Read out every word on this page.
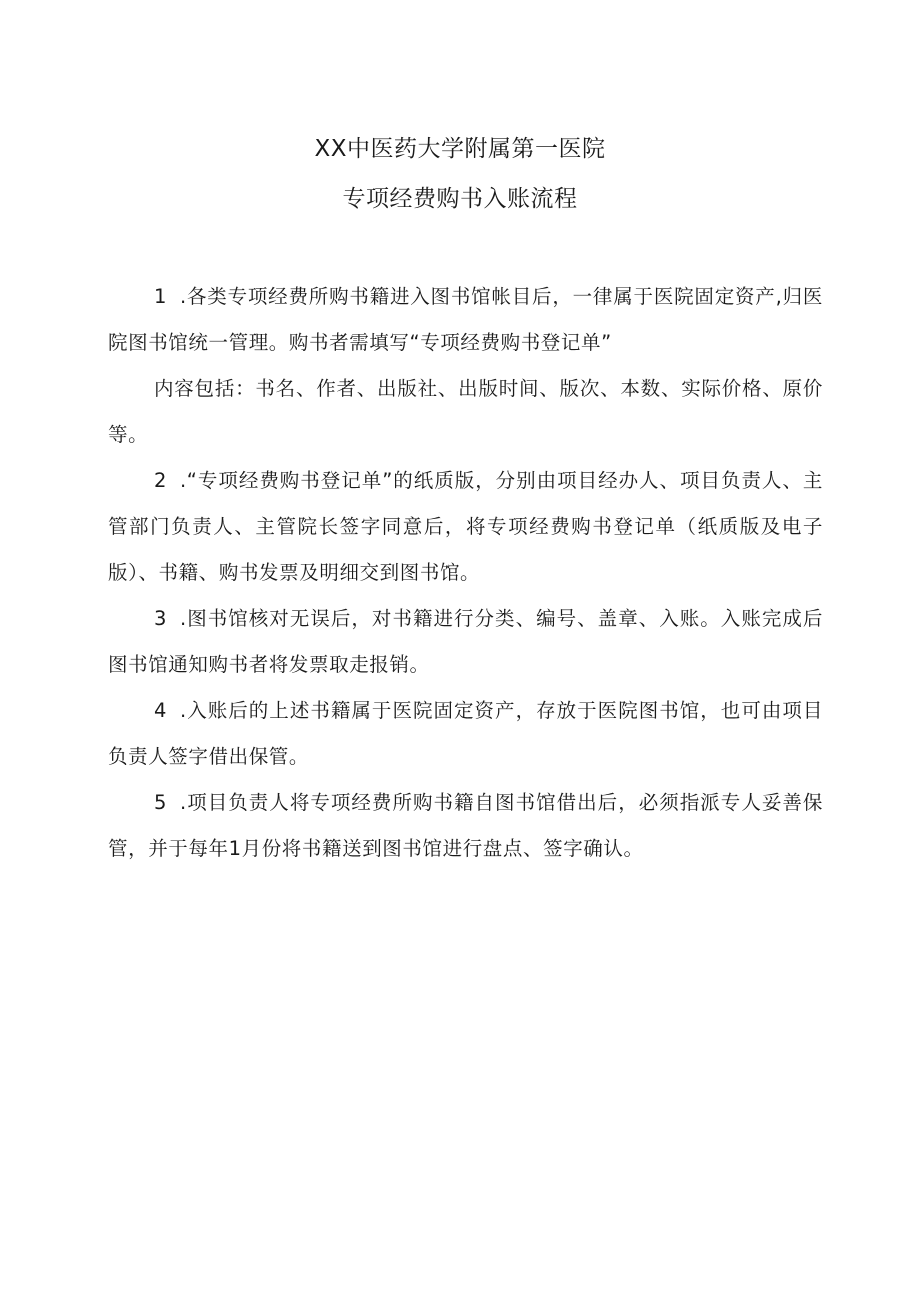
XX中医药大学附属第一医院
专项经费购书入账流程

1 .各类专项经费所购书籍进入图书馆帐目后，一律属于医院固定资产,归医院图书馆统一管理。购书者需填写“专项经费购书登记单”

内容包括：书名、作者、出版社、出版时间、版次、本数、实际价格、原价等。

2 .“专项经费购书登记单”的纸质版，分别由项目经办人、项目负责人、主管部门负责人、主管院长签字同意后，将专项经费购书登记单（纸质版及电子版）、书籍、购书发票及明细交到图书馆。

3 .图书馆核对无误后，对书籍进行分类、编号、盖章、入账。入账完成后图书馆通知购书者将发票取走报销。

4 .入账后的上述书籍属于医院固定资产，存放于医院图书馆，也可由项目负责人签字借出保管。

5 .项目负责人将专项经费所购书籍自图书馆借出后，必须指派专人妥善保管，并于每年1月份将书籍送到图书馆进行盘点、签字确认。
